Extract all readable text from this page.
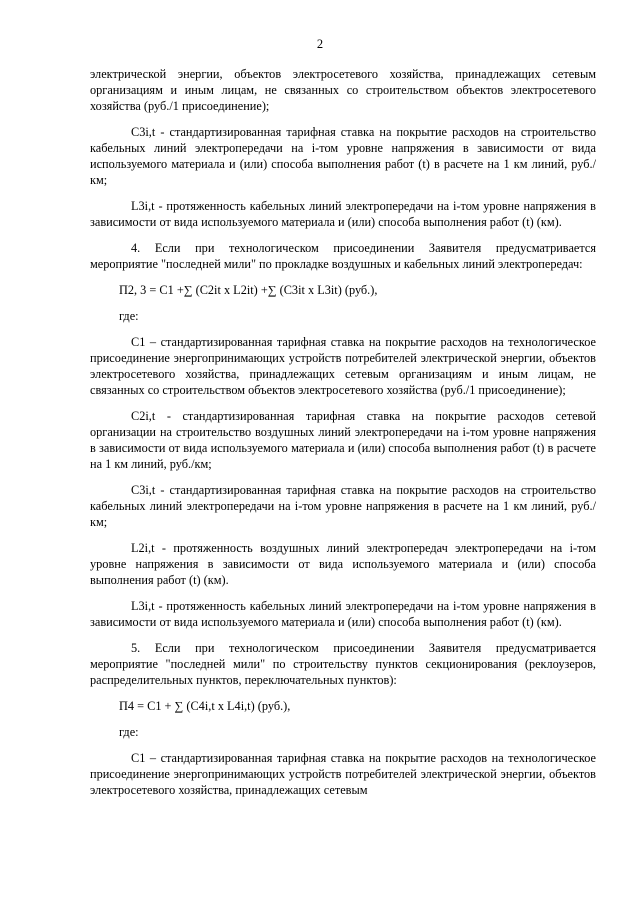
2

электрической энергии, объектов электросетевого хозяйства, принадлежащих сетевым организациям и иным лицам, не связанных со строительством объектов электросетевого хозяйства (руб./1 присоединение);

C3i,t - стандартизированная тарифная ставка на покрытие расходов на строительство кабельных линий электропередачи на i-том уровне напряжения в зависимости от вида используемого материала и (или) способа выполнения работ (t) в расчете на 1 км линий, руб./км;

L3i,t - протяженность кабельных линий электропередачи на i-том уровне напряжения в зависимости от вида используемого материала и (или) способа выполнения работ (t) (км).

4. Если при технологическом присоединении Заявителя предусматривается мероприятие "последней мили" по прокладке воздушных и кабельных линий электропередач:

П2, 3 = C1 +∑ (C2it x L2it) +∑ (C3it x L3it) (руб.),

где:

C1 – стандартизированная тарифная ставка на покрытие расходов на технологическое присоединение энергопринимающих устройств потребителей электрической энергии, объектов электросетевого хозяйства, принадлежащих сетевым организациям и иным лицам, не связанных со строительством объектов электросетевого хозяйства (руб./1 присоединение);

C2i,t - стандартизированная тарифная ставка на покрытие расходов сетевой организации на строительство воздушных линий электропередачи на i-том уровне напряжения в зависимости от вида используемого материала и (или) способа выполнения работ (t) в расчете на 1 км линий, руб./км;

C3i,t - стандартизированная тарифная ставка на покрытие расходов на строительство кабельных линий электропередачи на i-том уровне напряжения в расчете на 1 км линий, руб./км;

L2i,t - протяженность воздушных линий электропередач электропередачи на i-том уровне напряжения в зависимости от вида используемого материала и (или) способа выполнения работ (t) (км).

L3i,t - протяженность кабельных линий электропередачи на i-том уровне напряжения в зависимости от вида используемого материала и (или) способа выполнения работ (t) (км).

5. Если при технологическом присоединении Заявителя предусматривается мероприятие "последней мили" по строительству пунктов секционирования (реклоузеров, распределительных пунктов, переключательных пунктов):

П4 = C1 + ∑ (C4i,t x L4i,t) (руб.),

где:

C1 – стандартизированная тарифная ставка на покрытие расходов на технологическое присоединение энергопринимающих устройств потребителей электрической энергии, объектов электросетевого хозяйства, принадлежащих сетевым
